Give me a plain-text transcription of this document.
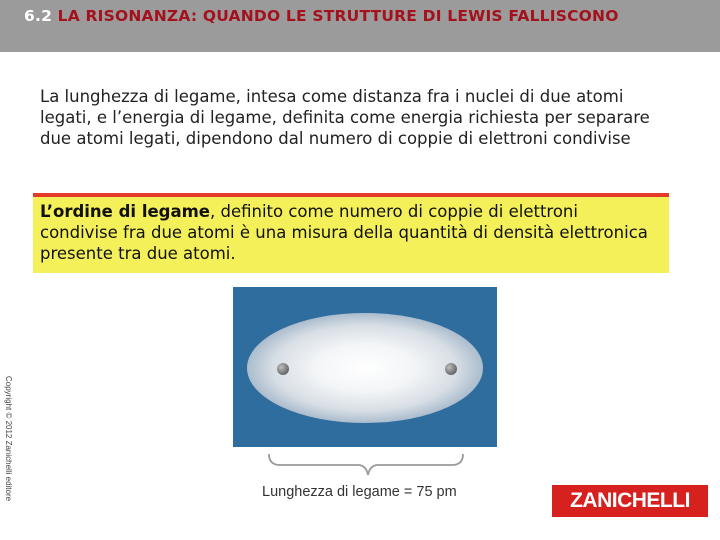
6.2 LA RISONANZA: QUANDO LE STRUTTURE DI LEWIS FALLISCONO
La lunghezza di legame, intesa come distanza fra i nuclei di due atomi legati, e l’energia di legame, definita come energia richiesta per separare due atomi legati, dipendono dal numero di coppie di elettroni condivise
L’ordine di legame, definito come numero di coppie di elettroni condivise fra due atomi è una misura della quantità di densità elettronica presente tra due atomi.
Lunghezza di legame = 75 pm
Copyright © 2012 Zanichelli editore	ZANICHELLI
